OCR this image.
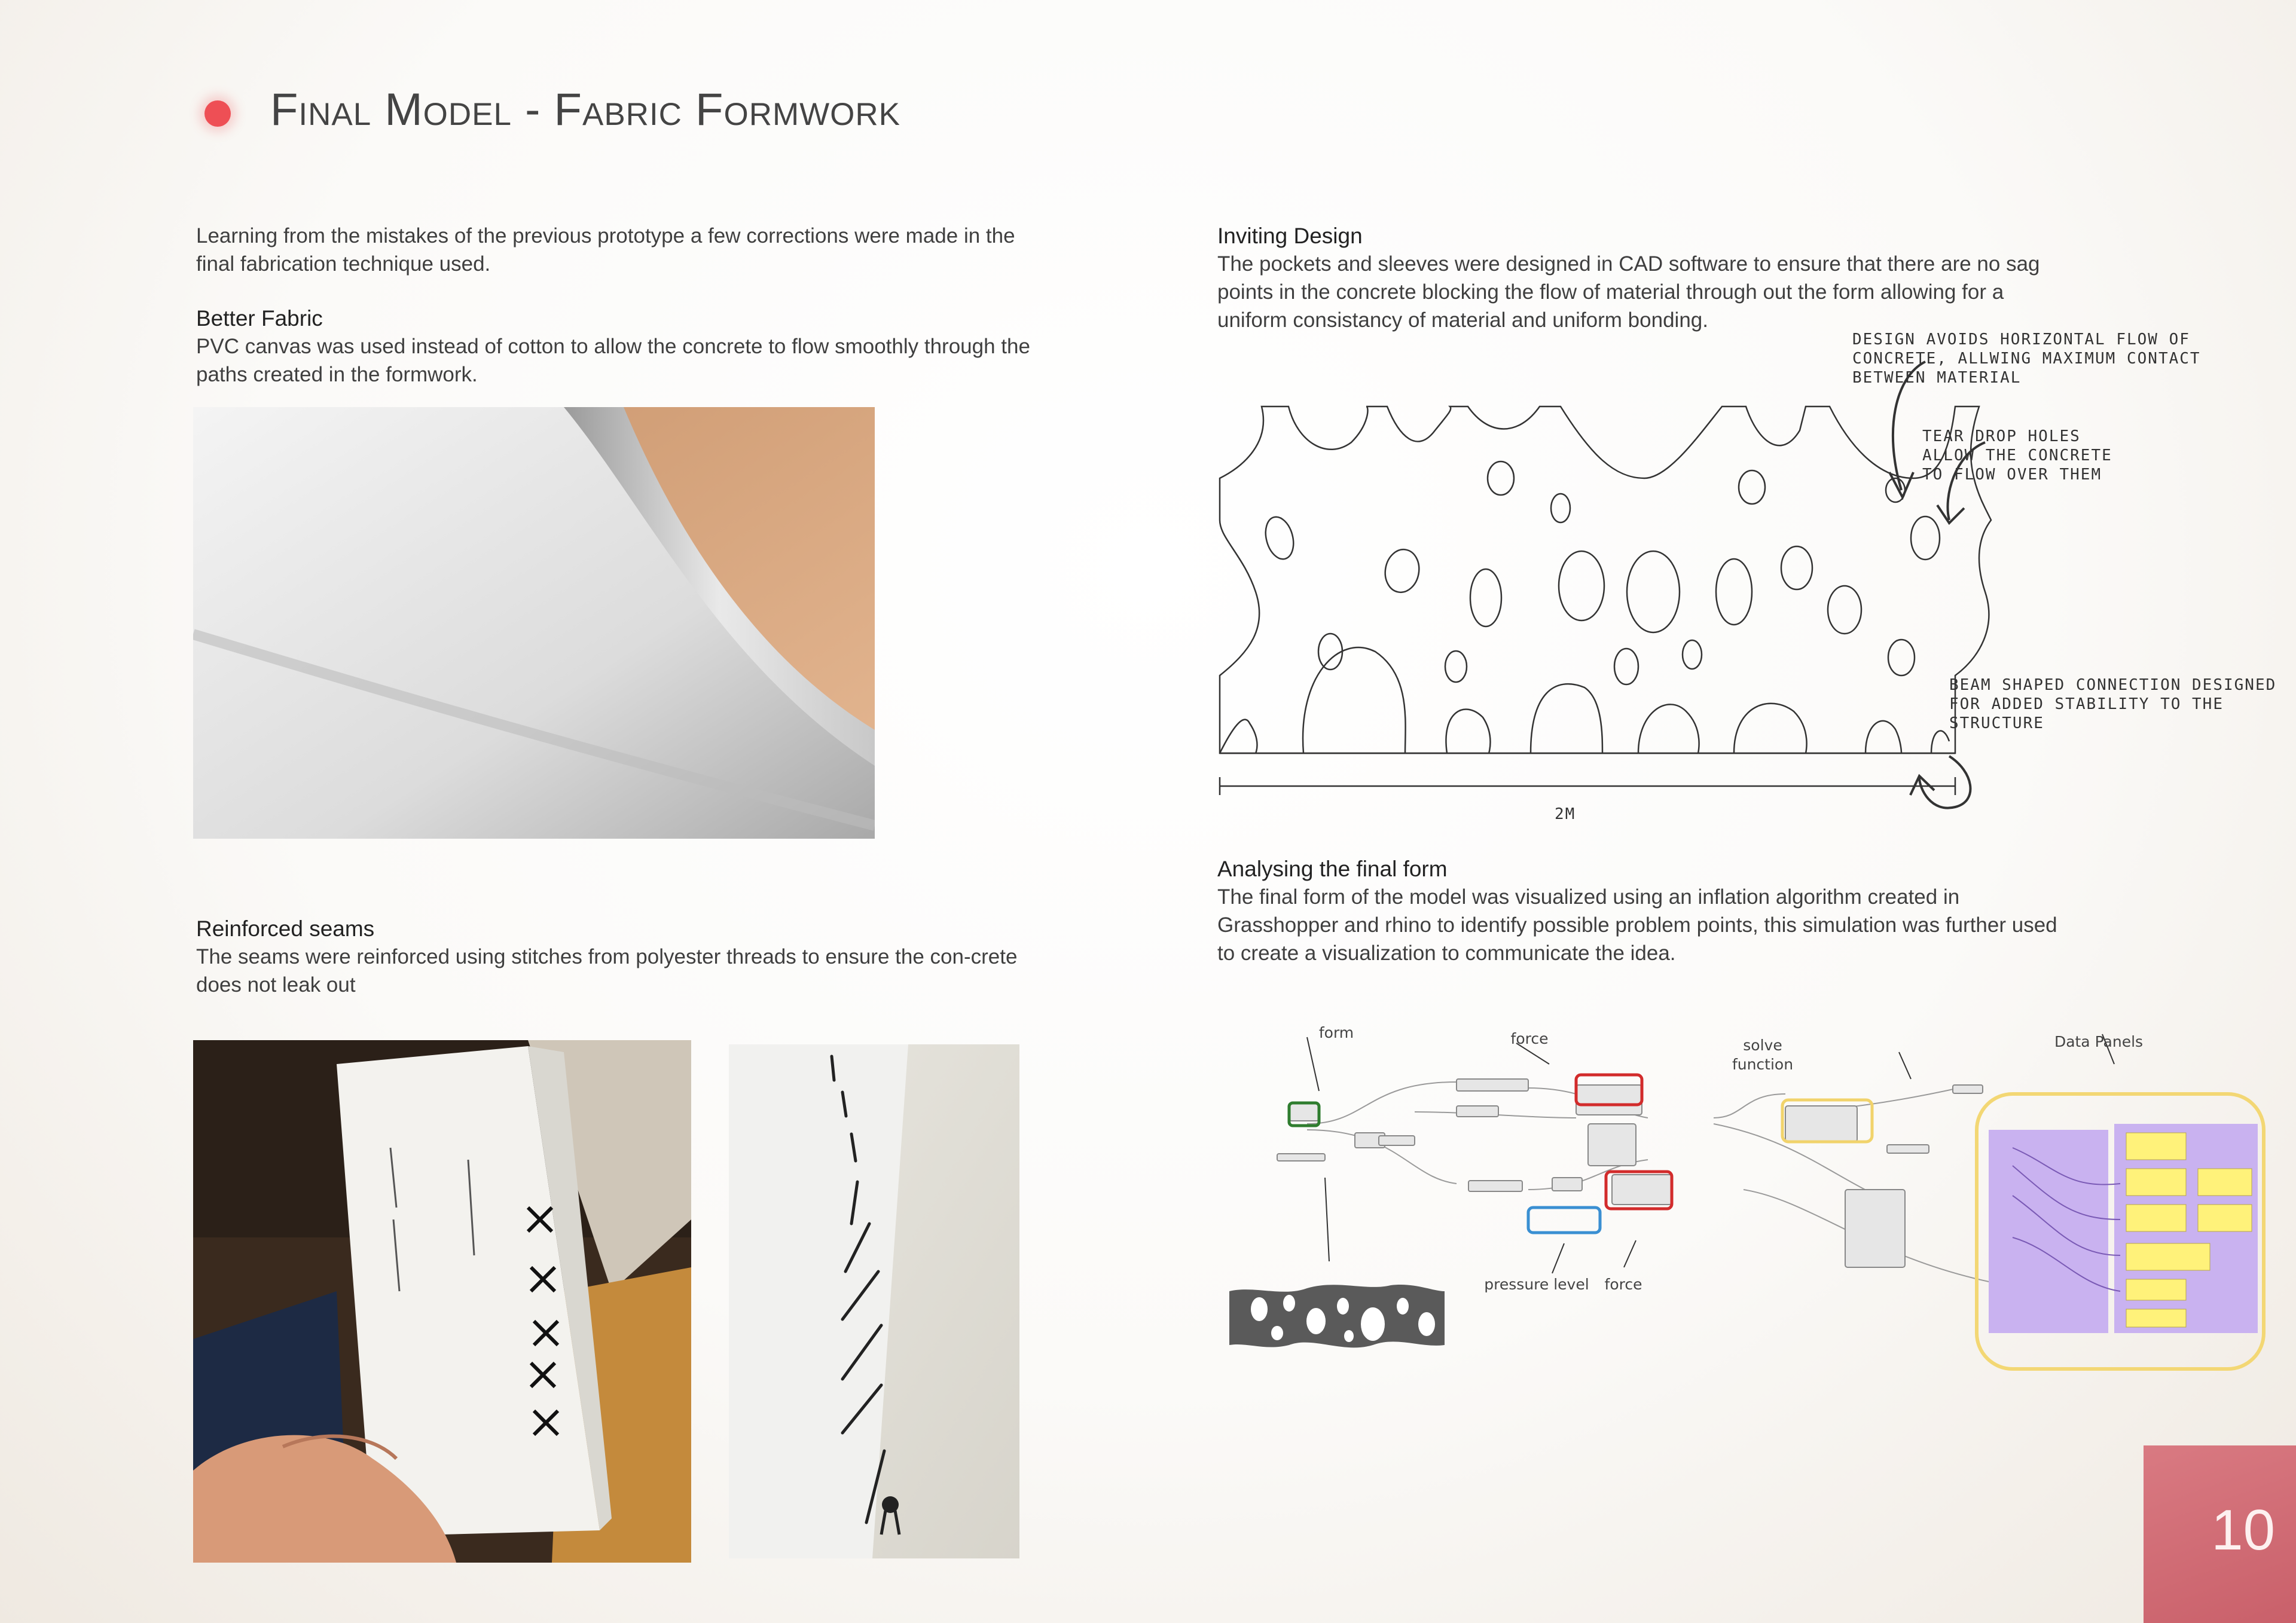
Final Model - Fabric Formwork
Learning from the mistakes of the previous prototype a few corrections were made in the final fabrication technique used.
Better Fabric
PVC canvas was used instead of cotton to allow the concrete to flow smoothly through the paths created in the formwork.
Reinforced seams
The seams were reinforced using stitches from polyester threads to ensure the con-crete does not leak out
Inviting Design
The pockets and sleeves were designed in CAD software to ensure that there are no sag points in the concrete blocking the flow of material through out the form allowing for a uniform consistancy of material and uniform bonding.
DESIGN AVOIDS HORIZONTAL FLOW OF CONCRETE, ALLWING MAXIMUM CONTACT BETWEEN MATERIAL
TEAR DROP HOLES ALLOW THE CONCRETE TO FLOW OVER THEM
BEAM SHAPED CONNECTION DESIGNED FOR ADDED STABILITY TO THE STRUCTURE
2M
Analysing the final form
The final form of the model was visualized using an inflation algorithm created in Grasshopper and rhino to identify possible problem points, this simulation was further used to create a visualization to communicate the idea.
form	force	solve function
Data Panels
pressure level	force
10
